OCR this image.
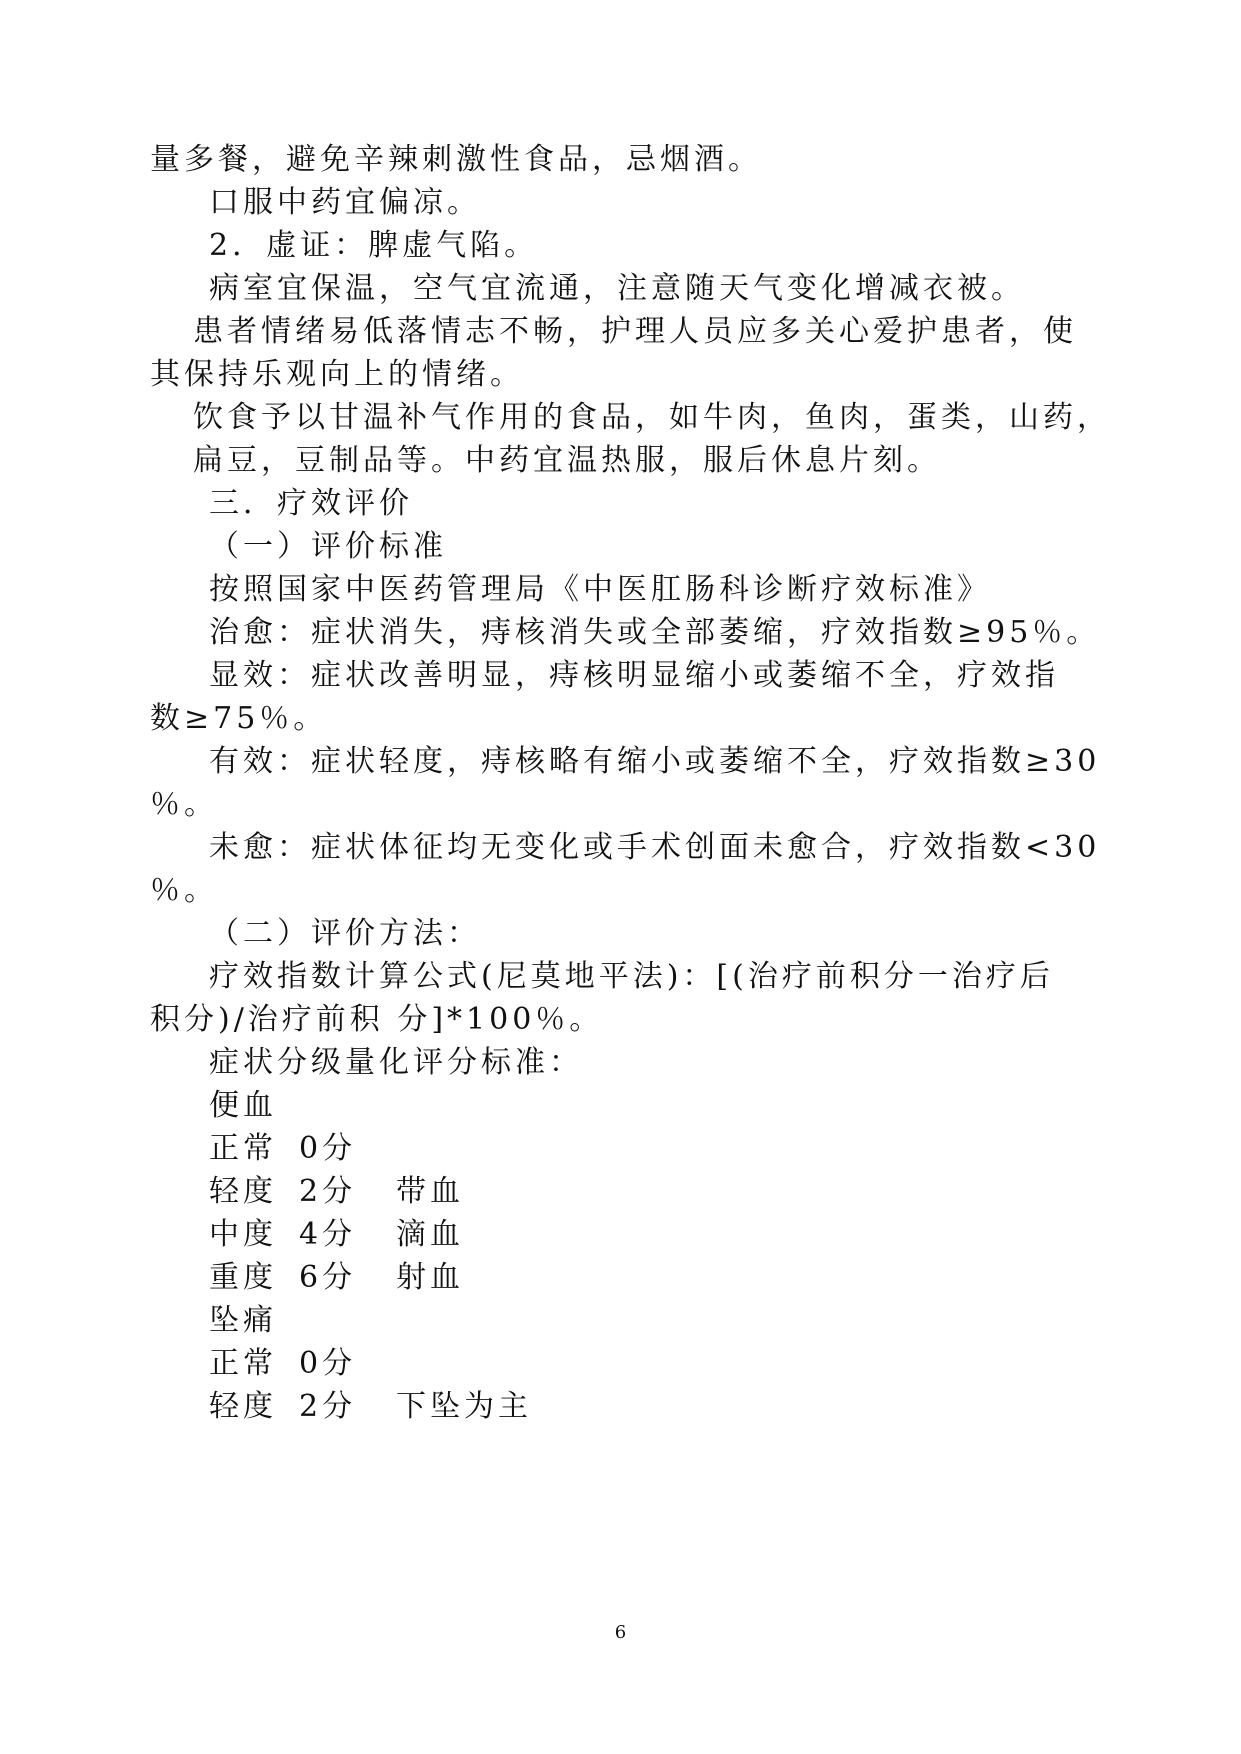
量多餐，避免辛辣刺激性食品，忌烟酒。
口服中药宜偏凉。
2．虚证：脾虚气陷。
病室宜保温，空气宜流通，注意随天气变化增减衣被。
患者情绪易低落情志不畅，护理人员应多关心爱护患者，使
其保持乐观向上的情绪。
饮食予以甘温补气作用的食品，如牛肉，鱼肉，蛋类，山药，
扁豆，豆制品等。中药宜温热服，服后休息片刻。
三．疗效评价
（一）评价标准
按照国家中医药管理局《中医肛肠科诊断疗效标准》
治愈：症状消失，痔核消失或全部萎缩，疗效指数≥95％。
显效：症状改善明显，痔核明显缩小或萎缩不全，疗效指
数≥75％。
有效：症状轻度，痔核略有缩小或萎缩不全，疗效指数≥30
％。
未愈：症状体征均无变化或手术创面未愈合，疗效指数<30
％。
（二）评价方法：
疗效指数计算公式(尼莫地平法)：[(治疗前积分一治疗后
积分)/治疗前积 分]*100％。
症状分级量化评分标准：
便血
正常 0分
轻度 2分 带血
中度 4分 滴血
重度 6分 射血
坠痛
正常 0分
轻度 2分 下坠为主
6
